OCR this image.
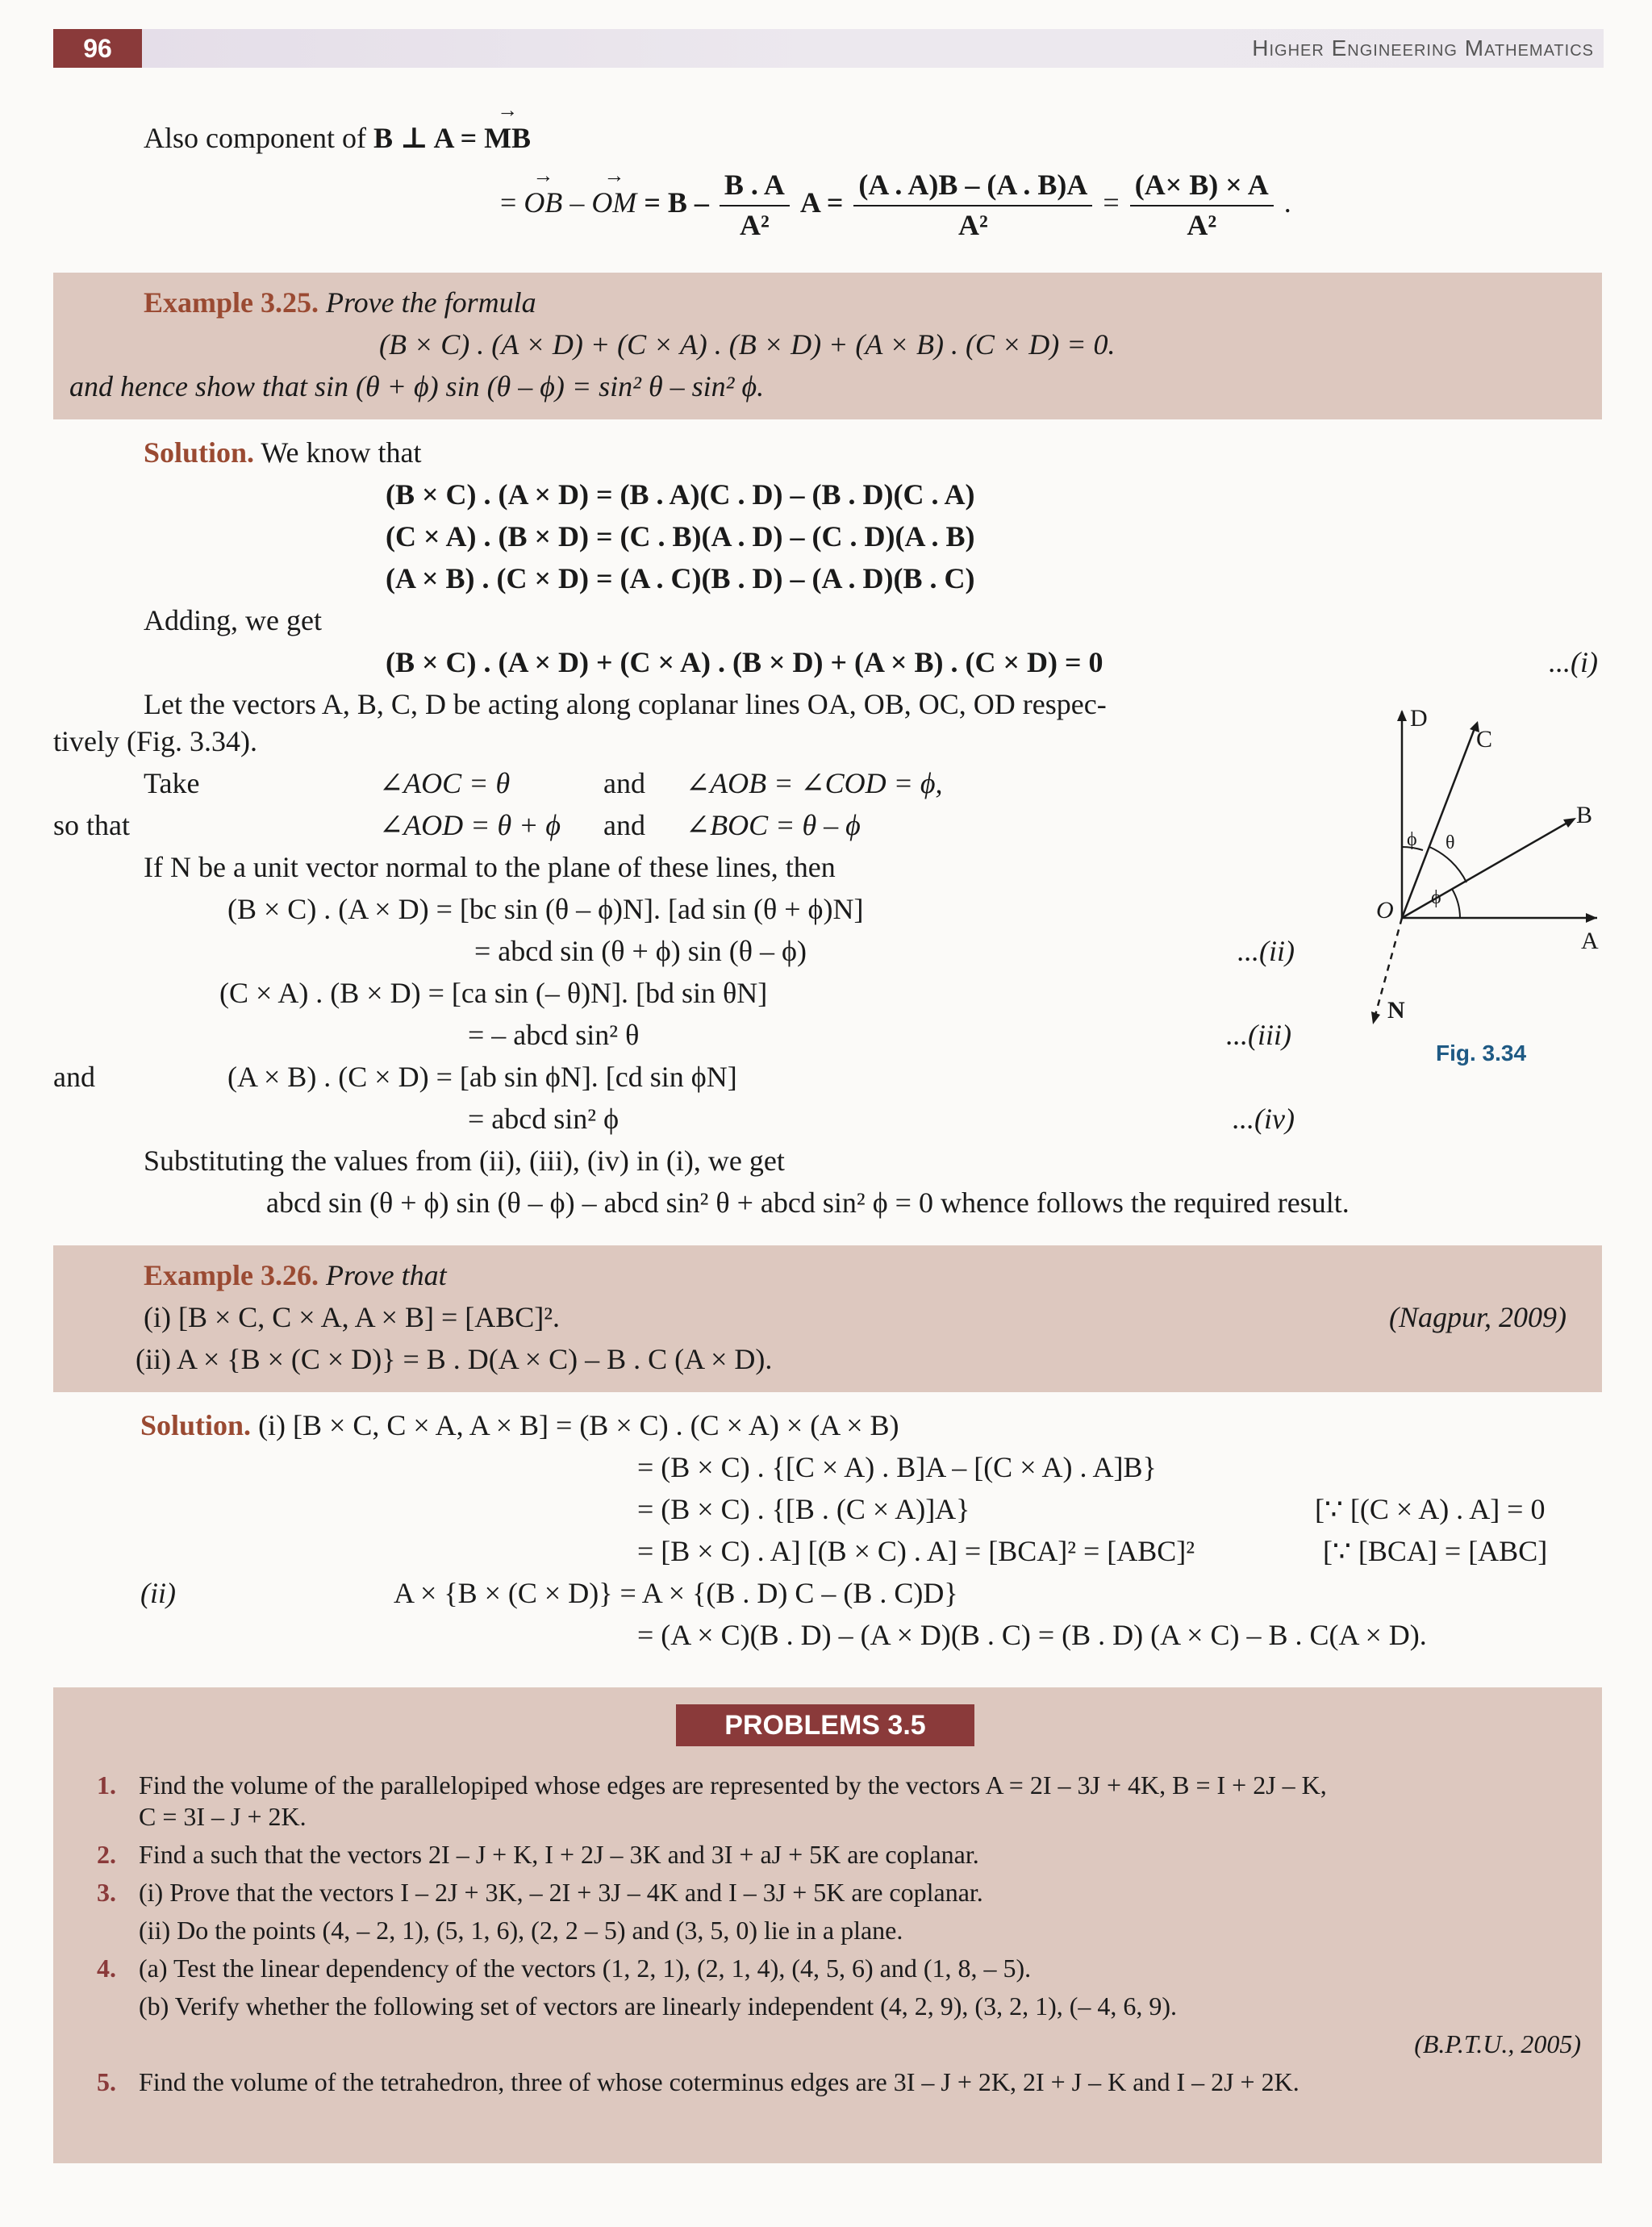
96	Higher Engineering Mathematics
Also component of B ⊥ A = → MB
= → OB – → OM = B – $\frac{B . A}{\text{A²}}$ $A = \frac{(A . A)B - (A . B)A}{\text{A²}} = \frac{(A\times B) \times A}{\text{A²}}$ .
Example 3.25. Prove the formula
(B × C) . (A × D) + (C × A) . (B × D) + (A × B) . (C × D) = 0.
and hence show that sin (θ + ϕ) sin (θ – ϕ) = sin² θ – sin² ϕ.
Solution. We know that
(B × C) . (A × D) = (B . A)(C . D) – (B . D)(C . A)
(C × A) . (B × D) = (C . B)(A . D) – (C . D)(A . B)
(A × B) . (C × D) = (A . C)(B . D) – (A . D)(B . C)
Adding, we get
(B × C) . (A × D) + (C × A) . (B × D) + (A × B) . (C × D) = 0	...(i)
Let the vectors A, B, C, D be acting along coplanar lines OA, OB, OC, OD respec-
tively (Fig. 3.34).
Take	∠AOC = θ	and ∠AOB = ∠COD = ϕ,
so that	∠AOD = θ + ϕ and ∠BOC = θ – ϕ
If N be a unit vector normal to the plane of these lines, then
(B × C) . (A × D) = [bc sin (θ – ϕ)N]. [ad sin (θ + ϕ)N]
= abcd sin (θ + ϕ) sin (θ – ϕ)	...(ii)
(C × A) . (B × D) = [ca sin (– θ)N]. [bd sin θN]
= – abcd sin² θ	...(iii)
and	(A × B) . (C × D) = [ab sin ϕN]. [cd sin ϕN]
= abcd sin² ϕ	...(iv)
Substituting the values from (ii), (iii), (iv) in (i), we get
abcd sin (θ + ϕ) sin (θ – ϕ) – abcd sin² θ + abcd sin² ϕ = 0 whence follows the required result.
D
C
B
A
O
N
ϕ θ
ϕ
Fig. 3.34
Example 3.26. Prove that
(i) [B × C, C × A, A × B] = [ABC]².	(Nagpur, 2009)
(ii) A × {B × (C × D)} = B . D(A × C) – B . C (A × D).
Solution. (i) [B × C, C × A, A × B] = (B × C) . (C × A) × (A × B)
= (B × C) . {[C × A) . B]A – [(C × A) . A]B}
= (B × C) . {[B . (C × A)]A}	[∵ [(C × A) . A] = 0
= [B × C) . A] [(B × C) . A] = [BCA]² = [ABC]²	[∵ [BCA] = [ABC]
(ii)	A × {B × (C × D)} = A × {(B . D) C – (B . C)D}
= (A × C)(B . D) – (A × D)(B . C) = (B . D) (A × C) – B . C(A × D).
PROBLEMS 3.5
1. Find the volume of the parallelopiped whose edges are represented by the vectors A = 2I – 3J + 4K, B = I + 2J – K,
C = 3I – J + 2K.
2. Find a such that the vectors 2I – J + K, I + 2J – 3K and 3I + aJ + 5K are coplanar.
3. (i) Prove that the vectors I – 2J + 3K, – 2I + 3J – 4K and I – 3J + 5K are coplanar.
(ii) Do the points (4, – 2, 1), (5, 1, 6), (2, 2 – 5) and (3, 5, 0) lie in a plane.
4. (a) Test the linear dependency of the vectors (1, 2, 1), (2, 1, 4), (4, 5, 6) and (1, 8, – 5).
(b) Verify whether the following set of vectors are linearly independent (4, 2, 9), (3, 2, 1), (– 4, 6, 9).
(B.P.T.U., 2005)
5. Find the volume of the tetrahedron, three of whose coterminus edges are 3I – J + 2K, 2I + J – K and I – 2J + 2K.
